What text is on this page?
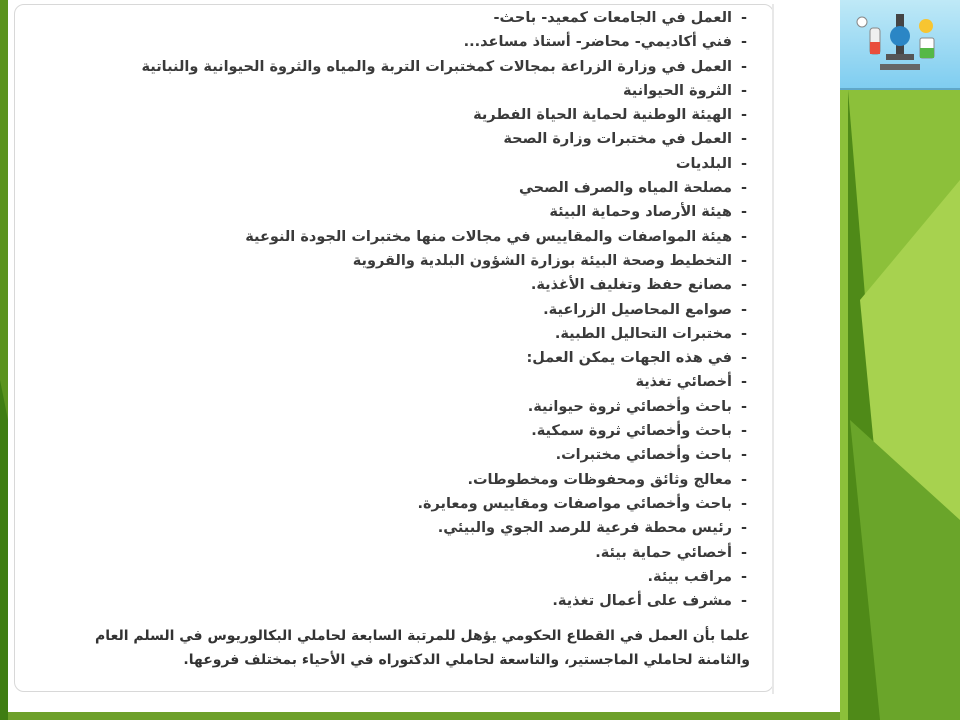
-العمل في الجامعات كمعيد- باحث-
-فني أكاديمي- محاضر- أستاذ مساعد...
-العمل في وزارة الزراعة بمجالات كمختبرات التربة والمياه والثروة الحيوانية والنباتية
-الثروة الحيوانية
-الهيئة الوطنية لحماية الحياة الفطرية
-العمل في مختبرات وزارة الصحة
-البلديات
-مصلحة المياه والصرف الصحي
-هيئة الأرصاد وحماية البيئة
-هيئة المواصفات والمقاييس في مجالات منها مختبرات الجودة النوعية
-التخطيط وصحة البيئة بوزارة الشؤون البلدية والقروية
-مصانع حفظ وتغليف الأغذية.
-صوامع المحاصيل الزراعية.
-مختبرات التحاليل الطبية.
-في هذه الجهات يمكن العمل:
-أخصائي تغذية
-باحث وأخصائي ثروة حيوانية.
-باحث وأخصائي ثروة سمكية.
-باحث وأخصائي مختبرات.
-معالج وثائق ومحفوظات ومخطوطات.
-باحث وأخصائي مواصفات ومقاييس ومعايرة.
-رئيس محطة فرعية للرصد الجوي والبيئي.
-أخصائي حماية بيئة.
-مراقب بيئة.
-مشرف على أعمال تغذية.
علما بأن العمل في القطاع الحكومي يؤهل للمرتبة السابعة لحاملي البكالوريوس في السلم العام
والثامنة لحاملي الماجستير، والتاسعة لحاملي الدكتوراه في الأحياء بمختلف فروعها.
